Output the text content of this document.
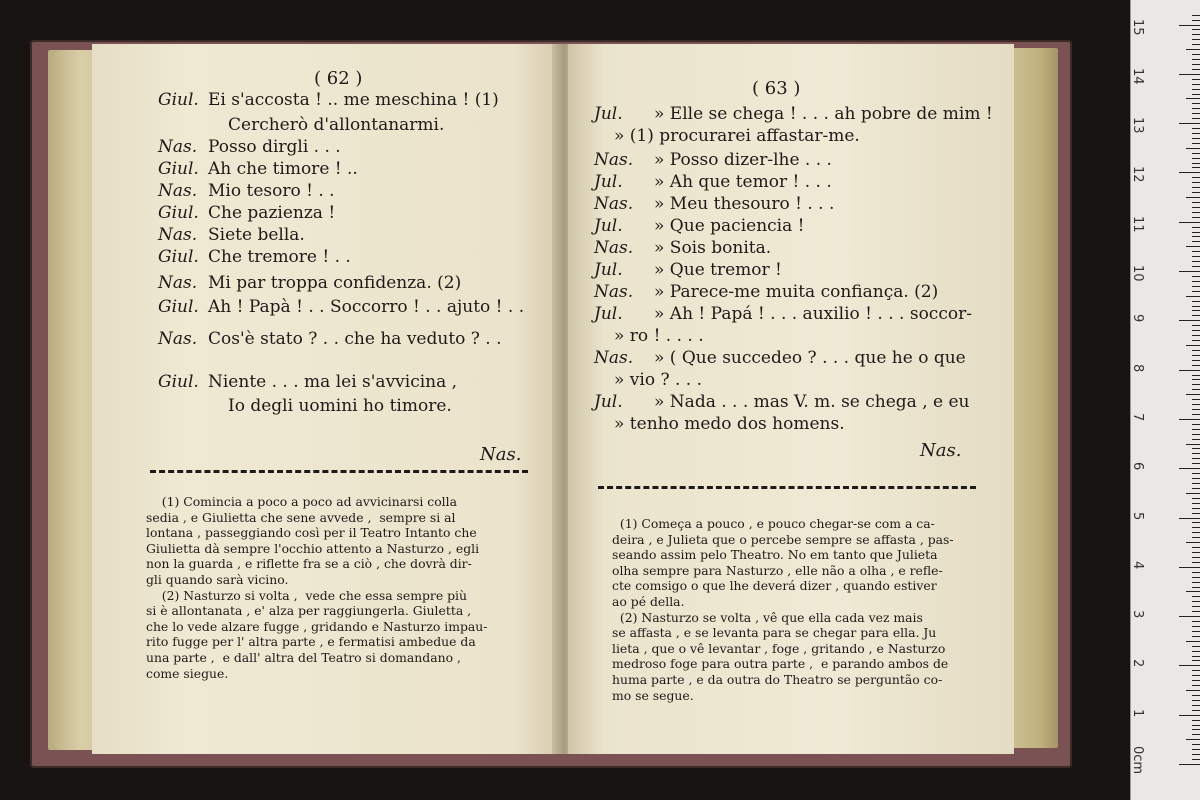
( 62 )
Giul. Ei s'accosta ! .. me meschina ! (1)
Cercherò d'allontanarmi.
Nas. Posso dirgli . . .
Giul. Ah che timore ! ..
Nas. Mio tesoro ! . .
Giul. Che pazienza !
Nas. Siete bella.
Giul. Che tremore ! . .
Nas. Mi par troppa confidenza. (2)
Giul. Ah ! Papà ! . . Soccorro ! . . ajuto ! . .
Nas. Cos'è stato ? . . che ha veduto ? . .
Giul. Niente . . . ma lei s'avvicina ,
Io degli uomini ho timore.
Nas.
(1) Comincia a poco a poco ad avvicinarsi colla
sedia , e Giulietta che sene avvede ,  sempre si al
lontana , passeggiando così per il Teatro Intanto che
Giulietta dà sempre l'occhio attento a Nasturzo , egli
non la guarda , e riflette fra se a ciò , che dovrà dir-
gli quando sarà vicino.
(2) Nasturzo si volta ,  vede che essa sempre più
si è allontanata , e' alza per raggiungerla. Giuletta ,
che lo vede alzare fugge , gridando e Nasturzo impau-
rito fugge per l' altra parte , e fermatisi ambedue da
una parte ,  e dall' altra del Teatro si domandano ,
come siegue.
( 63 )
Jul. » Elle se chega ! . . . ah pobre de mim !
» (1) procurarei affastar-me.
Nas. » Posso dizer-lhe . . .
Jul. » Ah que temor ! . . .
Nas. » Meu thesouro ! . . .
Jul. » Que paciencia !
Nas. » Sois bonita.
Jul. » Que tremor !
Nas. » Parece-me muita confiança. (2)
Jul. » Ah ! Papá ! . . . auxilio ! . . . soccor-
» ro ! . . . .
Nas. » ( Que succedeo ? . . . que he o que
» vio ? . . .
Jul. » Nada . . . mas V. m. se chega , e eu
» tenho medo dos homens.
Nas.
(1) Começa a pouco , e pouco chegar-se com a ca-
deira , e Julieta que o percebe sempre se affasta , pas-
seando assim pelo Theatro. No em tanto que Julieta
olha sempre para Nasturzo , elle não a olha , e refle-
cte comsigo o que lhe deverá dizer , quando estiver
ao pé della.
(2) Nasturzo se volta , vê que ella cada vez mais
se affasta , e se levanta para se chegar para ella. Ju
lieta , que o vê levantar , foge , gritando , e Nasturzo
medroso foge para outra parte ,  e parando ambos de
huma parte , e da outra do Theatro se perguntão co-
mo se segue.
0cm
1
2
3
4
5
6
7
8
9
10
11
12
13
14
15
